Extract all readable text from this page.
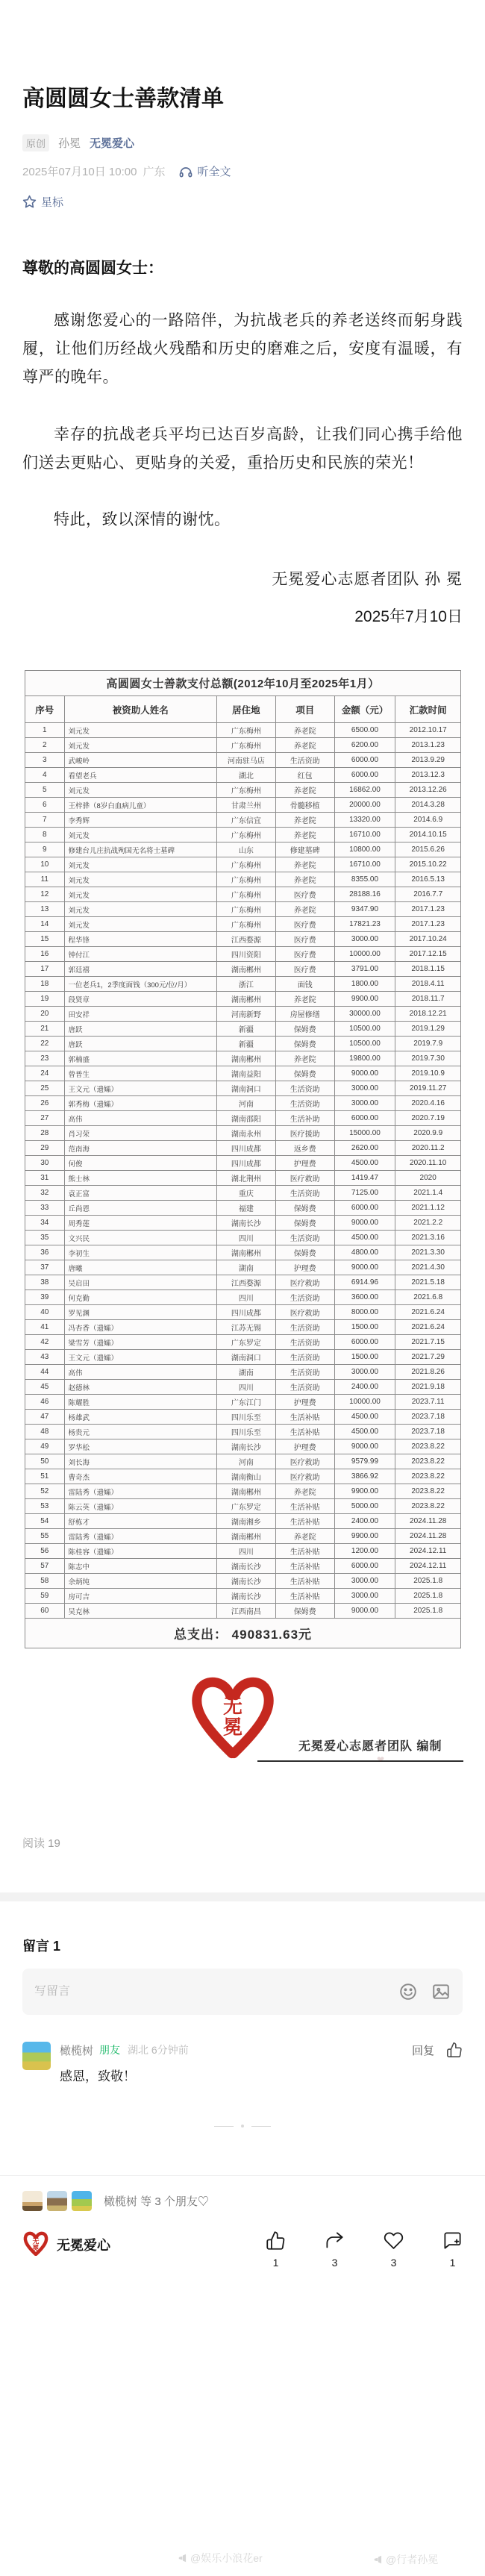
高圆圆女士善款清单
原创	孙冕 无冕爱心
2025年07月10日 10:00 广东	听全文
星标
尊敬的高圆圆女士：

感谢您爱心的一路陪伴，为抗战老兵的养老送终而躬身践履，让他们历经战火残酷和历史的磨难之后，安度有温暖，有尊严的晚年。

幸存的抗战老兵平均已达百岁高龄，让我们同心携手给他们送去更贴心、更贴身的关爱，重拾历史和民族的荣光！

特此，致以深情的谢忱。

无冕爱心志愿者团队 孙 冕
2025年7月10日
高圆圆女士善款支付总额(2012年10月至2025年1月）					
序号	被资助人姓名	居住地	项目	金额（元）	汇款时间
1	刘元发	广东梅州	养老院	6500.00	2012.10.17
2	刘元发	广东梅州	养老院	6200.00	2013.1.23
3	武峻岭	河南驻马店	生活资助	6000.00	2013.9.29
4	看望老兵	湖北	红包	6000.00	2013.12.3
5	刘元发	广东梅州	养老院	16862.00	2013.12.26
6	王梓骅（8岁白血病儿童）	甘肃兰州	骨髓移植	20000.00	2014.3.28
7	李秀辉	广东信宜	养老院	13320.00	2014.6.9
8	刘元发	广东梅州	养老院	16710.00	2014.10.15
9	修建台儿庄抗战殉国无名将士墓碑	山东	修建墓碑	10800.00	2015.6.26
10	刘元发	广东梅州	养老院	16710.00	2015.10.22
11	刘元发	广东梅州	养老院	8355.00	2016.5.13
12	刘元发	广东梅州	医疗费	28188.16	2016.7.7
13	刘元发	广东梅州	养老院	9347.90	2017.1.23
14	刘元发	广东梅州	医疗费	17821.23	2017.1.23
15	程华锋	江西婺源	医疗费	3000.00	2017.10.24
16	钟付江	四川资阳	医疗费	10000.00	2017.12.15
17	郭廷禧	湖南郴州	医疗费	3791.00	2018.1.15
18	一位老兵1，2季度面钱（300元/位/月）	浙江	面钱	1800.00	2018.4.11
19	段贤章	湖南郴州	养老院	9900.00	2018.11.7
20	田安祥	河南新野	房屋修缮	30000.00	2018.12.21
21	唐跃	新疆	保姆费	10500.00	2019.1.29
22	唐跃	新疆	保姆费	10500.00	2019.7.9
23	郭楠盛	湖南郴州	养老院	19800.00	2019.7.30
24	曾普生	湖南益阳	保姆费	9000.00	2019.10.9
25	王文元（遗孀）	湖南洞口	生活资助	3000.00	2019.11.27
26	郭秀梅（遗孀）	河南	生活资助	3000.00	2020.4.16
27	高伟	湖南邵阳	生活补助	6000.00	2020.7.19
28	肖习荣	湖南永州	医疗援助	15000.00	2020.9.9
29	范南海	四川成都	返乡费	2620.00	2020.11.2
30	何俊	四川成都	护理费	4500.00	2020.11.10
31	熊士林	湖北荆州	医疗救助	1419.47	2020
32	袁正富	重庆	生活资助	7125.00	2021.1.4
33	丘尚恩	福建	保姆费	6000.00	2021.1.12
34	周秀莲	湖南长沙	保姆费	9000.00	2021.2.2
35	文兴民	四川	生活资助	4500.00	2021.3.16
36	李初生	湖南郴州	保姆费	4800.00	2021.3.30
37	唐曦	湖南	护理费	9000.00	2021.4.30
38	吴启田	江西婺源	医疗救助	6914.96	2021.5.18
39	何克勤	四川	生活资助	3600.00	2021.6.8
40	罗见渊	四川成都	医疗救助	8000.00	2021.6.24
41	冯杏香（遗孀）	江苏无锡	生活资助	1500.00	2021.6.24
42	梁雪芳（遗孀）	广东罗定	生活资助	6000.00	2021.7.15
43	王文元（遗孀）	湖南洞口	生活资助	1500.00	2021.7.29
44	高伟	湖南	生活资助	3000.00	2021.8.26
45	赵德林	四川	生活资助	2400.00	2021.9.18
46	陈耀胜	广东江门	护理费	10000.00	2023.7.11
47	杨雄武	四川乐至	生活补贴	4500.00	2023.7.18
48	杨贵元	四川乐至	生活补贴	4500.00	2023.7.18
49	罗华松	湖南长沙	护理费	9000.00	2023.8.22
50	刘长海	河南	医疗救助	9579.99	2023.8.22
51	曹奇杰	湖南衡山	医疗救助	3866.92	2023.8.22
52	雷陆秀（遗孀）	湖南郴州	养老院	9900.00	2023.8.22
53	陈云英（遗孀）	广东罗定	生活补贴	5000.00	2023.8.22
54	舒栋才	湖南湘乡	生活补贴	2400.00	2024.11.28
55	雷陆秀（遗孀）	湖南郴州	养老院	9900.00	2024.11.28
56	陈桂容（遗孀）	四川	生活补贴	1200.00	2024.12.11
57	陈志中	湖南长沙	生活补贴	6000.00	2024.12.11
58	余炳纯	湖南长沙	生活补贴	3000.00	2025.1.8
59	房可吉	湖南长沙	生活补贴	3000.00	2025.1.8
60	吴克林	江西南昌	保姆费	9000.00	2025.1.8
总支出： 490831.63元					
无
冕
无冕爱心志愿者团队 编制
❤
阅读 19
留言 1
写留言
橄榄树 朋友 湖北 6分钟前	回复
感恩，致敬！
橄榄树 等 3 个朋友♡
无
冕 无冕爱心
1	3	3	1
@娱乐小浪花er	@行者孙冕
